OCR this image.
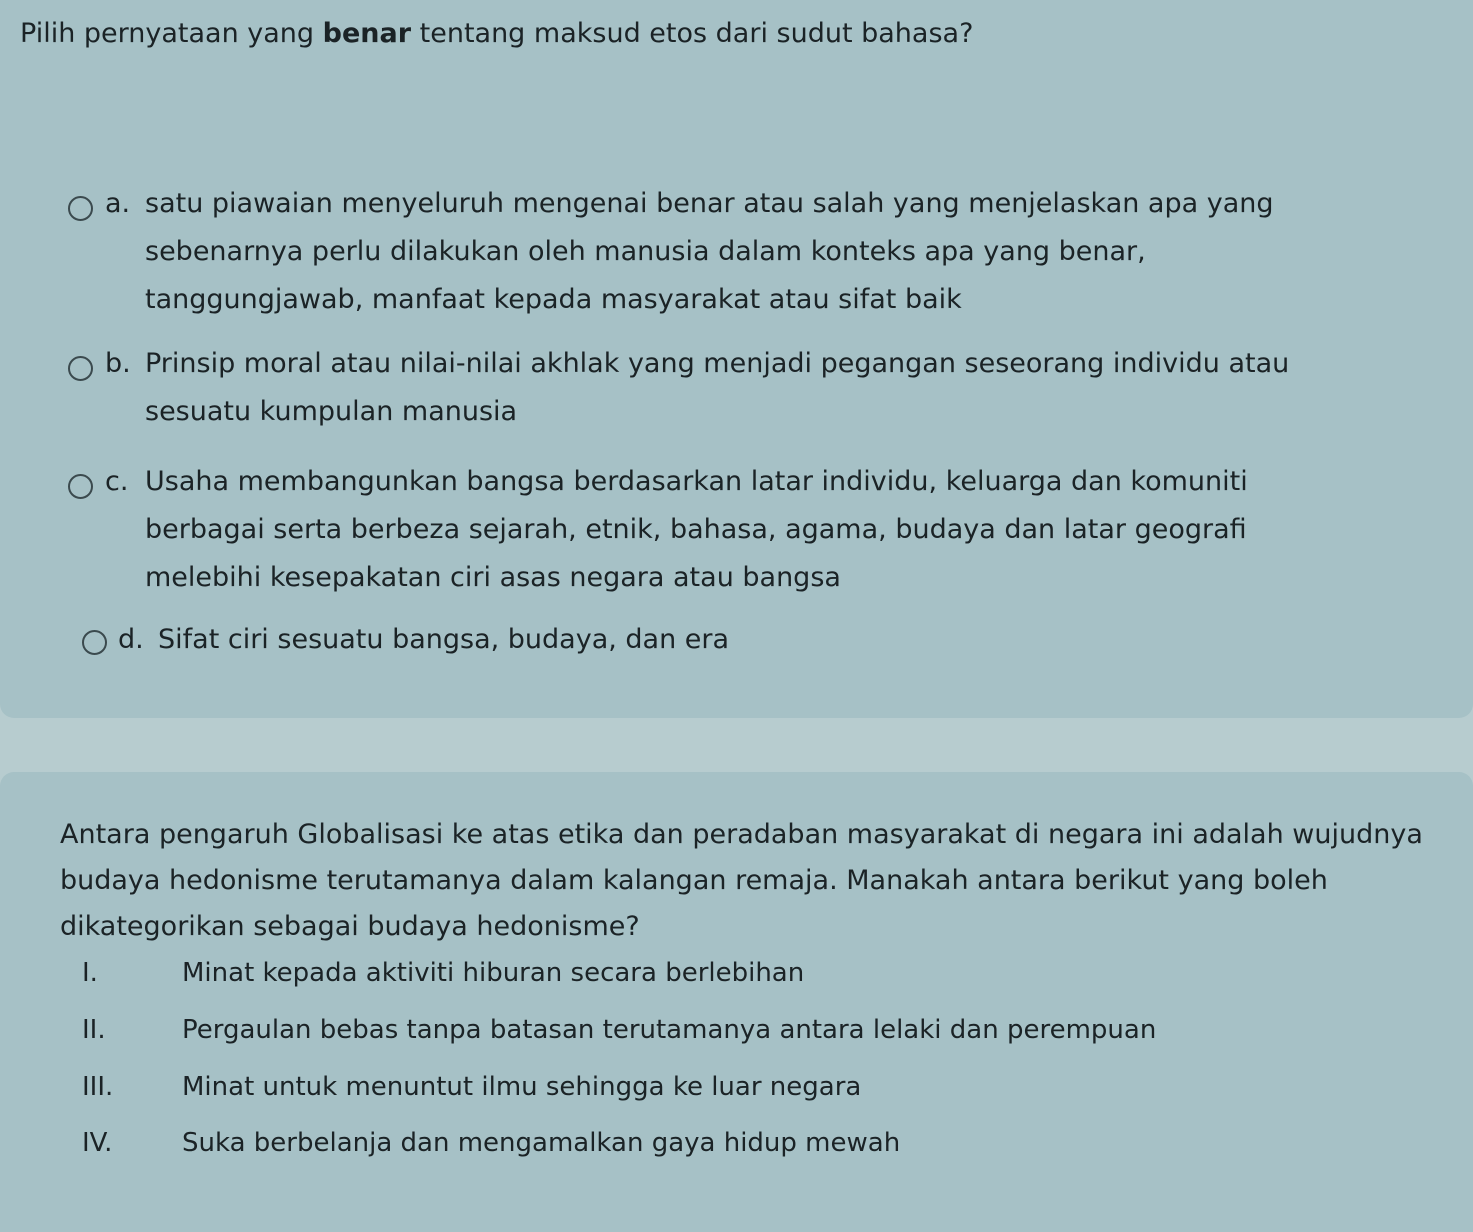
Pilih pernyataan yang benar tentang maksud etos dari sudut bahasa?
a. satu piawaian menyeluruh mengenai benar atau salah yang menjelaskan apa yang
sebenarnya perlu dilakukan oleh manusia dalam konteks apa yang benar,
tanggungjawab, manfaat kepada masyarakat atau sifat baik
b. Prinsip moral atau nilai-nilai akhlak yang menjadi pegangan seseorang individu atau
sesuatu kumpulan manusia
c. Usaha membangunkan bangsa berdasarkan latar individu, keluarga dan komuniti
berbagai serta berbeza sejarah, etnik, bahasa, agama, budaya dan latar geografi
melebihi kesepakatan ciri asas negara atau bangsa
d. Sifat ciri sesuatu bangsa, budaya, dan era
Antara pengaruh Globalisasi ke atas etika dan peradaban masyarakat di negara ini adalah wujudnya budaya hedonisme terutamanya dalam kalangan remaja. Manakah antara berikut yang boleh dikategorikan sebagai budaya hedonisme?
I.	Minat kepada aktiviti hiburan secara berlebihan
II.	Pergaulan bebas tanpa batasan terutamanya antara lelaki dan perempuan
III.	Minat untuk menuntut ilmu sehingga ke luar negara
IV.	Suka berbelanja dan mengamalkan gaya hidup mewah
